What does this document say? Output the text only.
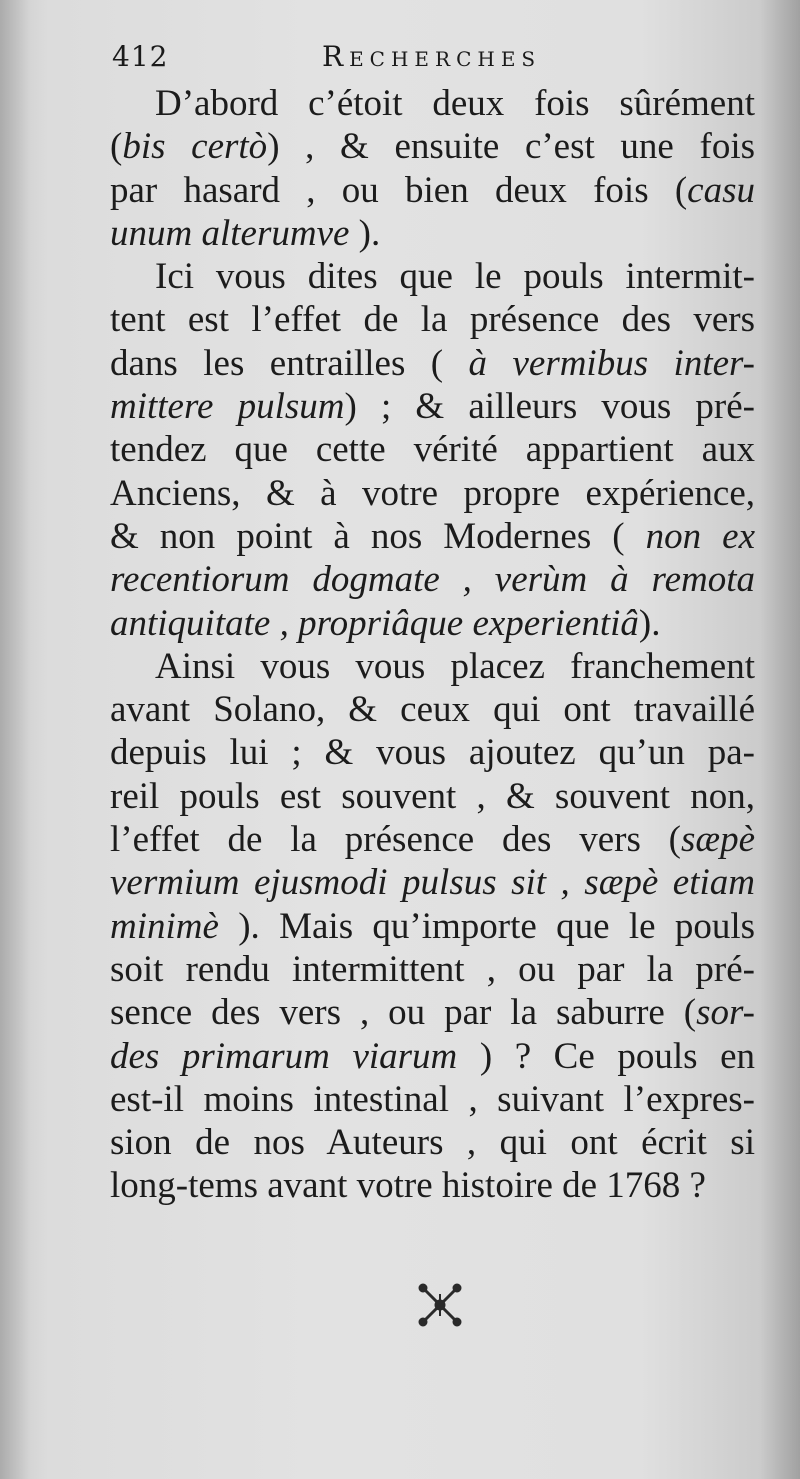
412	Recherches
D’abord c’étoit deux fois sûrément
(bis certò) , & ensuite c’est une fois
par hasard , ou bien deux fois (casu
unum alterumve ).
Ici vous dites que le pouls intermit-
tent est l’effet de la présence des vers
dans les entrailles ( à vermibus inter-
mittere pulsum) ; & ailleurs vous pré-
tendez que cette vérité appartient aux
Anciens, & à votre propre expérience,
& non point à nos Modernes ( non ex
recentiorum dogmate , verùm à remota
antiquitate , propriâque experientiâ).
Ainsi vous vous placez franchement
avant Solano, & ceux qui ont travaillé
depuis lui ; & vous ajoutez qu’un pa-
reil pouls est souvent , & souvent non,
l’effet de la présence des vers (sæpè
vermium ejusmodi pulsus sit , sæpè etiam
minimè ). Mais qu’importe que le pouls
soit rendu intermittent , ou par la pré-
sence des vers , ou par la saburre (sor-
des primarum viarum ) ? Ce pouls en
est-il moins intestinal , suivant l’expres-
sion de nos Auteurs , qui ont écrit si
long-tems avant votre histoire de 1768 ?
